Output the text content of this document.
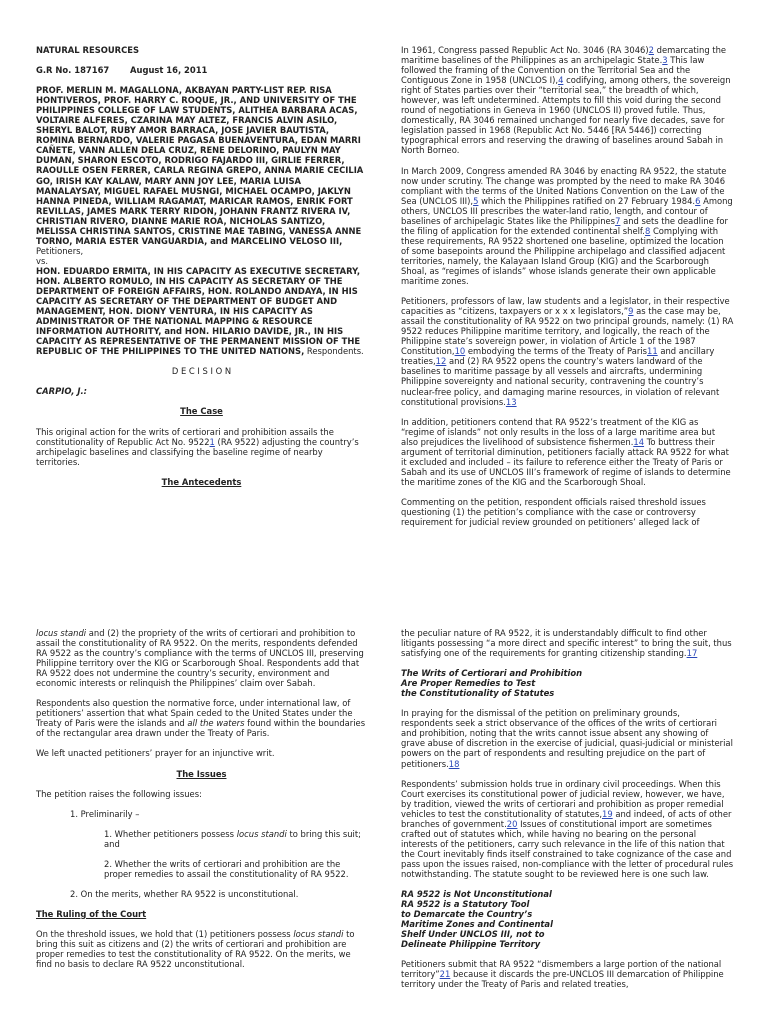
NATURAL RESOURCES

G.R No. 187167	August 16, 2011

PROF. MERLIN M. MAGALLONA, AKBAYAN PARTY-LIST REP. RISA HONTIVEROS, PROF. HARRY C. ROQUE, JR., AND UNIVERSITY OF THE PHILIPPINES COLLEGE OF LAW STUDENTS, ALITHEA BARBARA ACAS, VOLTAIRE ALFERES, CZARINA MAY ALTEZ, FRANCIS ALVIN ASILO, SHERYL BALOT, RUBY AMOR BARRACA, JOSE JAVIER BAUTISTA, ROMINA BERNARDO, VALERIE PAGASA BUENAVENTURA, EDAN MARRI CAÑETE, VANN ALLEN DELA CRUZ, RENE DELORINO, PAULYN MAY DUMAN, SHARON ESCOTO, RODRIGO FAJARDO III, GIRLIE FERRER, RAOULLE OSEN FERRER, CARLA REGINA GREPO, ANNA MARIE CECILIA GO, IRISH KAY KALAW, MARY ANN JOY LEE, MARIA LUISA MANALAYSAY, MIGUEL RAFAEL MUSNGI, MICHAEL OCAMPO, JAKLYN HANNA PINEDA, WILLIAM RAGAMAT, MARICAR RAMOS, ENRIK FORT REVILLAS, JAMES MARK TERRY RIDON, JOHANN FRANTZ RIVERA IV, CHRISTIAN RIVERO, DIANNE MARIE ROA, NICHOLAS SANTIZO, MELISSA CHRISTINA SANTOS, CRISTINE MAE TABING, VANESSA ANNE TORNO, MARIA ESTER VANGUARDIA, and MARCELINO VELOSO III, Petitioners,
vs.

HON. EDUARDO ERMITA, IN HIS CAPACITY AS EXECUTIVE SECRETARY, HON. ALBERTO ROMULO, IN HIS CAPACITY AS SECRETARY OF THE DEPARTMENT OF FOREIGN AFFAIRS, HON. ROLANDO ANDAYA, IN HIS CAPACITY AS SECRETARY OF THE DEPARTMENT OF BUDGET AND MANAGEMENT, HON. DIONY VENTURA, IN HIS CAPACITY AS ADMINISTRATOR OF THE NATIONAL MAPPING & RESOURCE INFORMATION AUTHORITY, and HON. HILARIO DAVIDE, JR., IN HIS CAPACITY AS REPRESENTATIVE OF THE PERMANENT MISSION OF THE REPUBLIC OF THE PHILIPPINES TO THE UNITED NATIONS, Respondents.

D E C I S I O N

CARPIO, J.:

The Case

This original action for the writs of certiorari and prohibition assails the constitutionality of Republic Act No. 95221 (RA 9522) adjusting the country’s archipelagic baselines and classifying the baseline regime of nearby territories.

The Antecedents

In 1961, Congress passed Republic Act No. 3046 (RA 3046)2 demarcating the maritime baselines of the Philippines as an archipelagic State.3 This law followed the framing of the Convention on the Territorial Sea and the Contiguous Zone in 1958 (UNCLOS I),4 codifying, among others, the sovereign right of States parties over their “territorial sea,” the breadth of which, however, was left undetermined. Attempts to fill this void during the second round of negotiations in Geneva in 1960 (UNCLOS II) proved futile. Thus, domestically, RA 3046 remained unchanged for nearly five decades, save for legislation passed in 1968 (Republic Act No. 5446 [RA 5446]) correcting typographical errors and reserving the drawing of baselines around Sabah in North Borneo.

In March 2009, Congress amended RA 3046 by enacting RA 9522, the statute now under scrutiny. The change was prompted by the need to make RA 3046 compliant with the terms of the United Nations Convention on the Law of the Sea (UNCLOS III),5 which the Philippines ratified on 27 February 1984.6 Among others, UNCLOS III prescribes the water-land ratio, length, and contour of baselines of archipelagic States like the Philippines7 and sets the deadline for the filing of application for the extended continental shelf.8 Complying with these requirements, RA 9522 shortened one baseline, optimized the location of some basepoints around the Philippine archipelago and classified adjacent territories, namely, the Kalayaan Island Group (KIG) and the Scarborough Shoal, as “regimes of islands” whose islands generate their own applicable maritime zones.

Petitioners, professors of law, law students and a legislator, in their respective capacities as “citizens, taxpayers or x x x legislators,”9 as the case may be, assail the constitutionality of RA 9522 on two principal grounds, namely: (1) RA 9522 reduces Philippine maritime territory, and logically, the reach of the Philippine state’s sovereign power, in violation of Article 1 of the 1987 Constitution,10 embodying the terms of the Treaty of Paris11 and ancillary treaties,12 and (2) RA 9522 opens the country’s waters landward of the baselines to maritime passage by all vessels and aircrafts, undermining Philippine sovereignty and national security, contravening the country’s nuclear-free policy, and damaging marine resources, in violation of relevant constitutional provisions.13

In addition, petitioners contend that RA 9522’s treatment of the KIG as “regime of islands” not only results in the loss of a large maritime area but also prejudices the livelihood of subsistence fishermen.14 To buttress their argument of territorial diminution, petitioners facially attack RA 9522 for what it excluded and included – its failure to reference either the Treaty of Paris or Sabah and its use of UNCLOS III’s framework of regime of islands to determine the maritime zones of the KIG and the Scarborough Shoal.

Commenting on the petition, respondent officials raised threshold issues questioning (1) the petition’s compliance with the case or controversy requirement for judicial review grounded on petitioners’ alleged lack of

locus standi and (2) the propriety of the writs of certiorari and prohibition to assail the constitutionality of RA 9522. On the merits, respondents defended RA 9522 as the country’s compliance with the terms of UNCLOS III, preserving Philippine territory over the KIG or Scarborough Shoal. Respondents add that RA 9522 does not undermine the country’s security, environment and economic interests or relinquish the Philippines’ claim over Sabah.

Respondents also question the normative force, under international law, of petitioners’ assertion that what Spain ceded to the United States under the Treaty of Paris were the islands and all the waters found within the boundaries of the rectangular area drawn under the Treaty of Paris.

We left unacted petitioners’ prayer for an injunctive writ.

The Issues

The petition raises the following issues:

1. Preliminarily –

1. Whether petitioners possess locus standi to bring this suit; and

2. Whether the writs of certiorari and prohibition are the proper remedies to assail the constitutionality of RA 9522.

2. On the merits, whether RA 9522 is unconstitutional.

The Ruling of the Court

On the threshold issues, we hold that (1) petitioners possess locus standi to bring this suit as citizens and (2) the writs of certiorari and prohibition are proper remedies to test the constitutionality of RA 9522. On the merits, we find no basis to declare RA 9522 unconstitutional.

the peculiar nature of RA 9522, it is understandably difficult to find other litigants possessing “a more direct and specific interest” to bring the suit, thus satisfying one of the requirements for granting citizenship standing.17

The Writs of Certiorari and Prohibition
Are Proper Remedies to Test
the Constitutionality of Statutes

In praying for the dismissal of the petition on preliminary grounds, respondents seek a strict observance of the offices of the writs of certiorari and prohibition, noting that the writs cannot issue absent any showing of grave abuse of discretion in the exercise of judicial, quasi-judicial or ministerial powers on the part of respondents and resulting prejudice on the part of petitioners.18

Respondents’ submission holds true in ordinary civil proceedings. When this Court exercises its constitutional power of judicial review, however, we have, by tradition, viewed the writs of certiorari and prohibition as proper remedial vehicles to test the constitutionality of statutes,19 and indeed, of acts of other branches of government.20 Issues of constitutional import are sometimes crafted out of statutes which, while having no bearing on the personal interests of the petitioners, carry such relevance in the life of this nation that the Court inevitably finds itself constrained to take cognizance of the case and pass upon the issues raised, non-compliance with the letter of procedural rules notwithstanding. The statute sought to be reviewed here is one such law.

RA 9522 is Not Unconstitutional
RA 9522 is a Statutory Tool
to Demarcate the Country’s
Maritime Zones and Continental
Shelf Under UNCLOS III, not to
Delineate Philippine Territory

Petitioners submit that RA 9522 “dismembers a large portion of the national territory”21 because it discards the pre-UNCLOS III demarcation of Philippine territory under the Treaty of Paris and related treaties,
